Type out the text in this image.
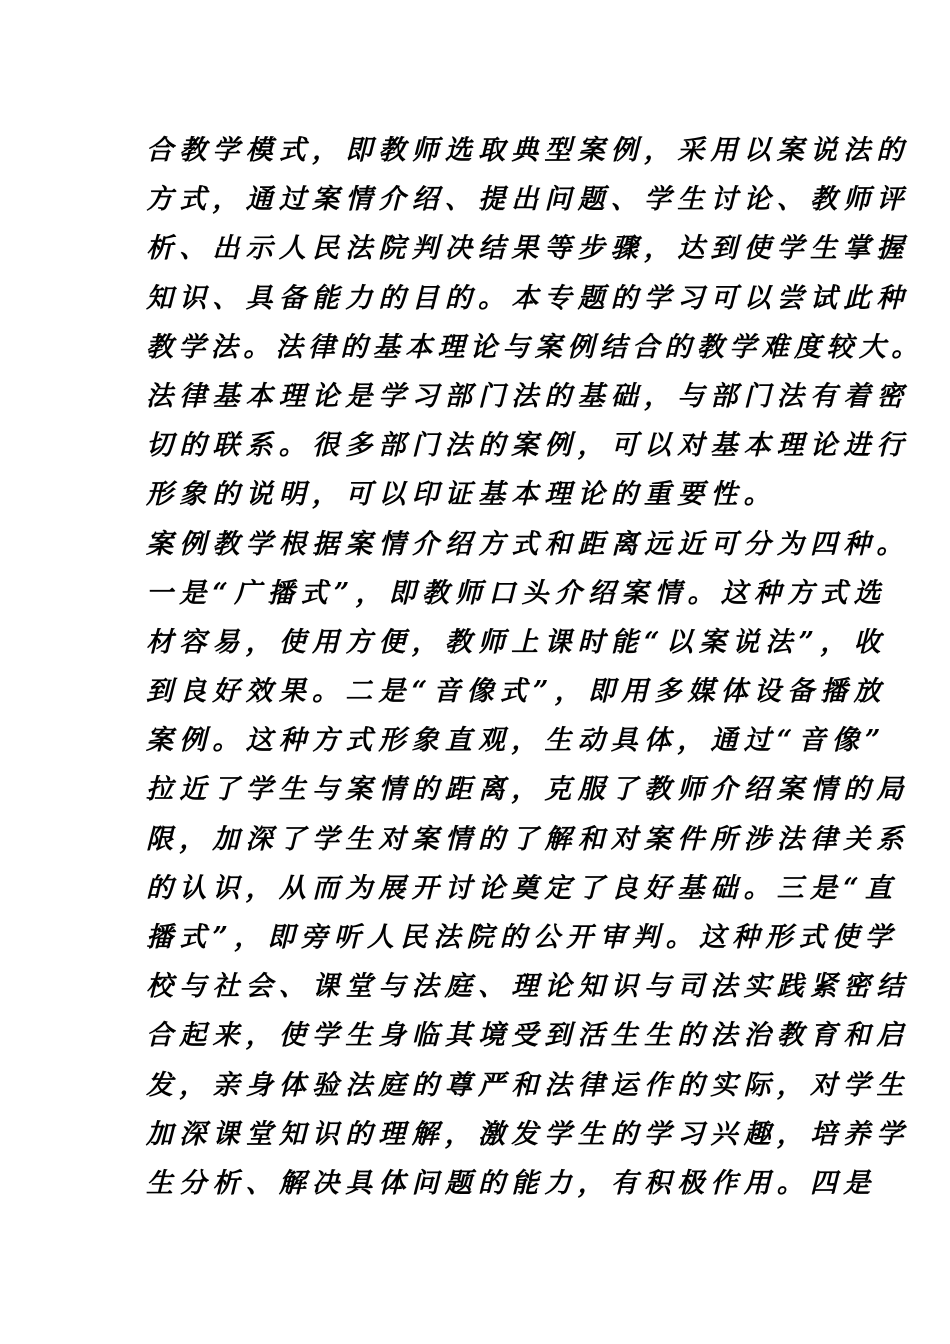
合教学模式，即教师选取典型案例，采用以案说法的
方式，通过案情介绍、提出问题、学生讨论、教师评
析、出示人民法院判决结果等步骤，达到使学生掌握
知识、具备能力的目的。本专题的学习可以尝试此种
教学法。法律的基本理论与案例结合的教学难度较大。
法律基本理论是学习部门法的基础，与部门法有着密
切的联系。很多部门法的案例，可以对基本理论进行
形象的说明，可以印证基本理论的重要性。
案例教学根据案情介绍方式和距离远近可分为四种。
一是“广播式”，即教师口头介绍案情。这种方式选
材容易，使用方便，教师上课时能“以案说法”，收
到良好效果。二是“音像式”，即用多媒体设备播放
案例。这种方式形象直观，生动具体，通过“音像”
拉近了学生与案情的距离，克服了教师介绍案情的局
限，加深了学生对案情的了解和对案件所涉法律关系
的认识，从而为展开讨论奠定了良好基础。三是“直
播式”，即旁听人民法院的公开审判。这种形式使学
校与社会、课堂与法庭、理论知识与司法实践紧密结
合起来，使学生身临其境受到活生生的法治教育和启
发，亲身体验法庭的尊严和法律运作的实际，对学生
加深课堂知识的理解，激发学生的学习兴趣，培养学
生分析、解决具体问题的能力，有积极作用。四是
